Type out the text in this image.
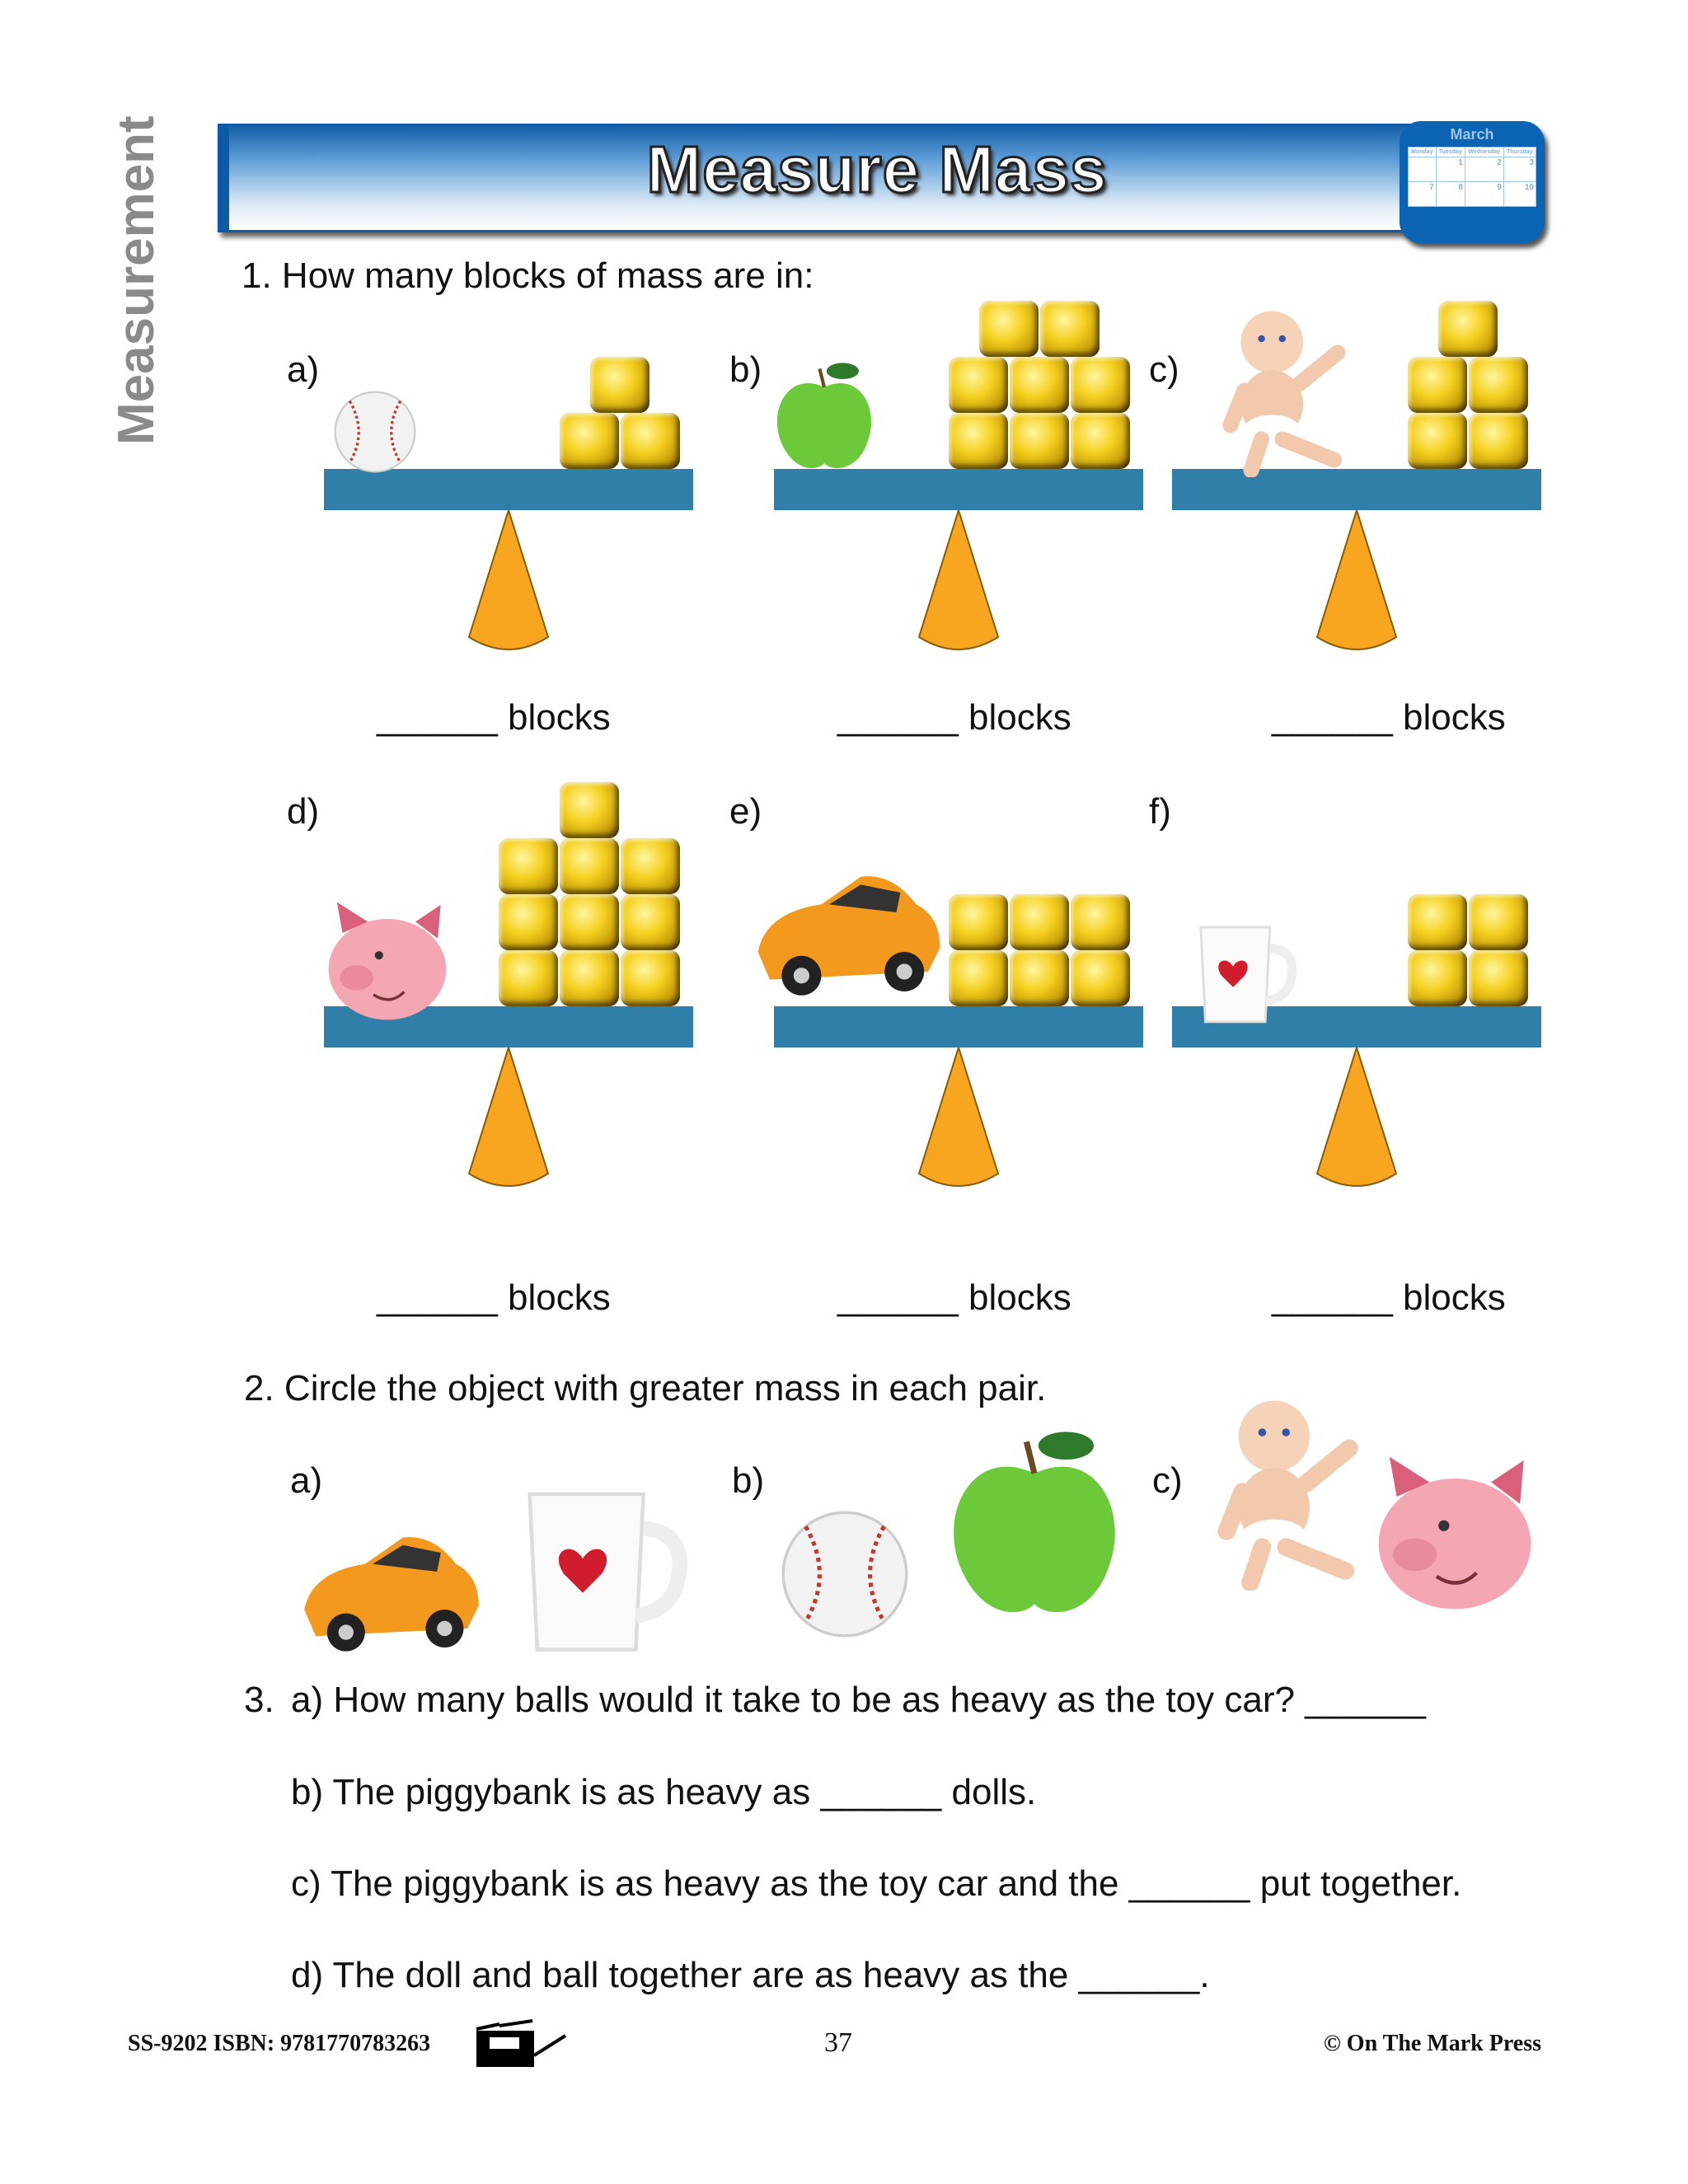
Measurement	Measure Mass	March
Monday	Tuesday	Wednesday	Thursday
	1	2	3
7	8	9	10
1. How many blocks of mass are in:
a)
______ blocks
b)
______ blocks
c)
______ blocks
d)
______ blocks
e)
______ blocks
f)
______ blocks
2. Circle the object with greater mass in each pair.
a)	b)	c)
3. a) How many balls would it take to be as heavy as the toy car? ______
b) The piggybank is as heavy as ______ dolls.
c) The piggybank is as heavy as the toy car and the ______ put together.
d) The doll and ball together are as heavy as the ______.
SS-9202 ISBN: 9781770783263	37	© On The Mark Press
